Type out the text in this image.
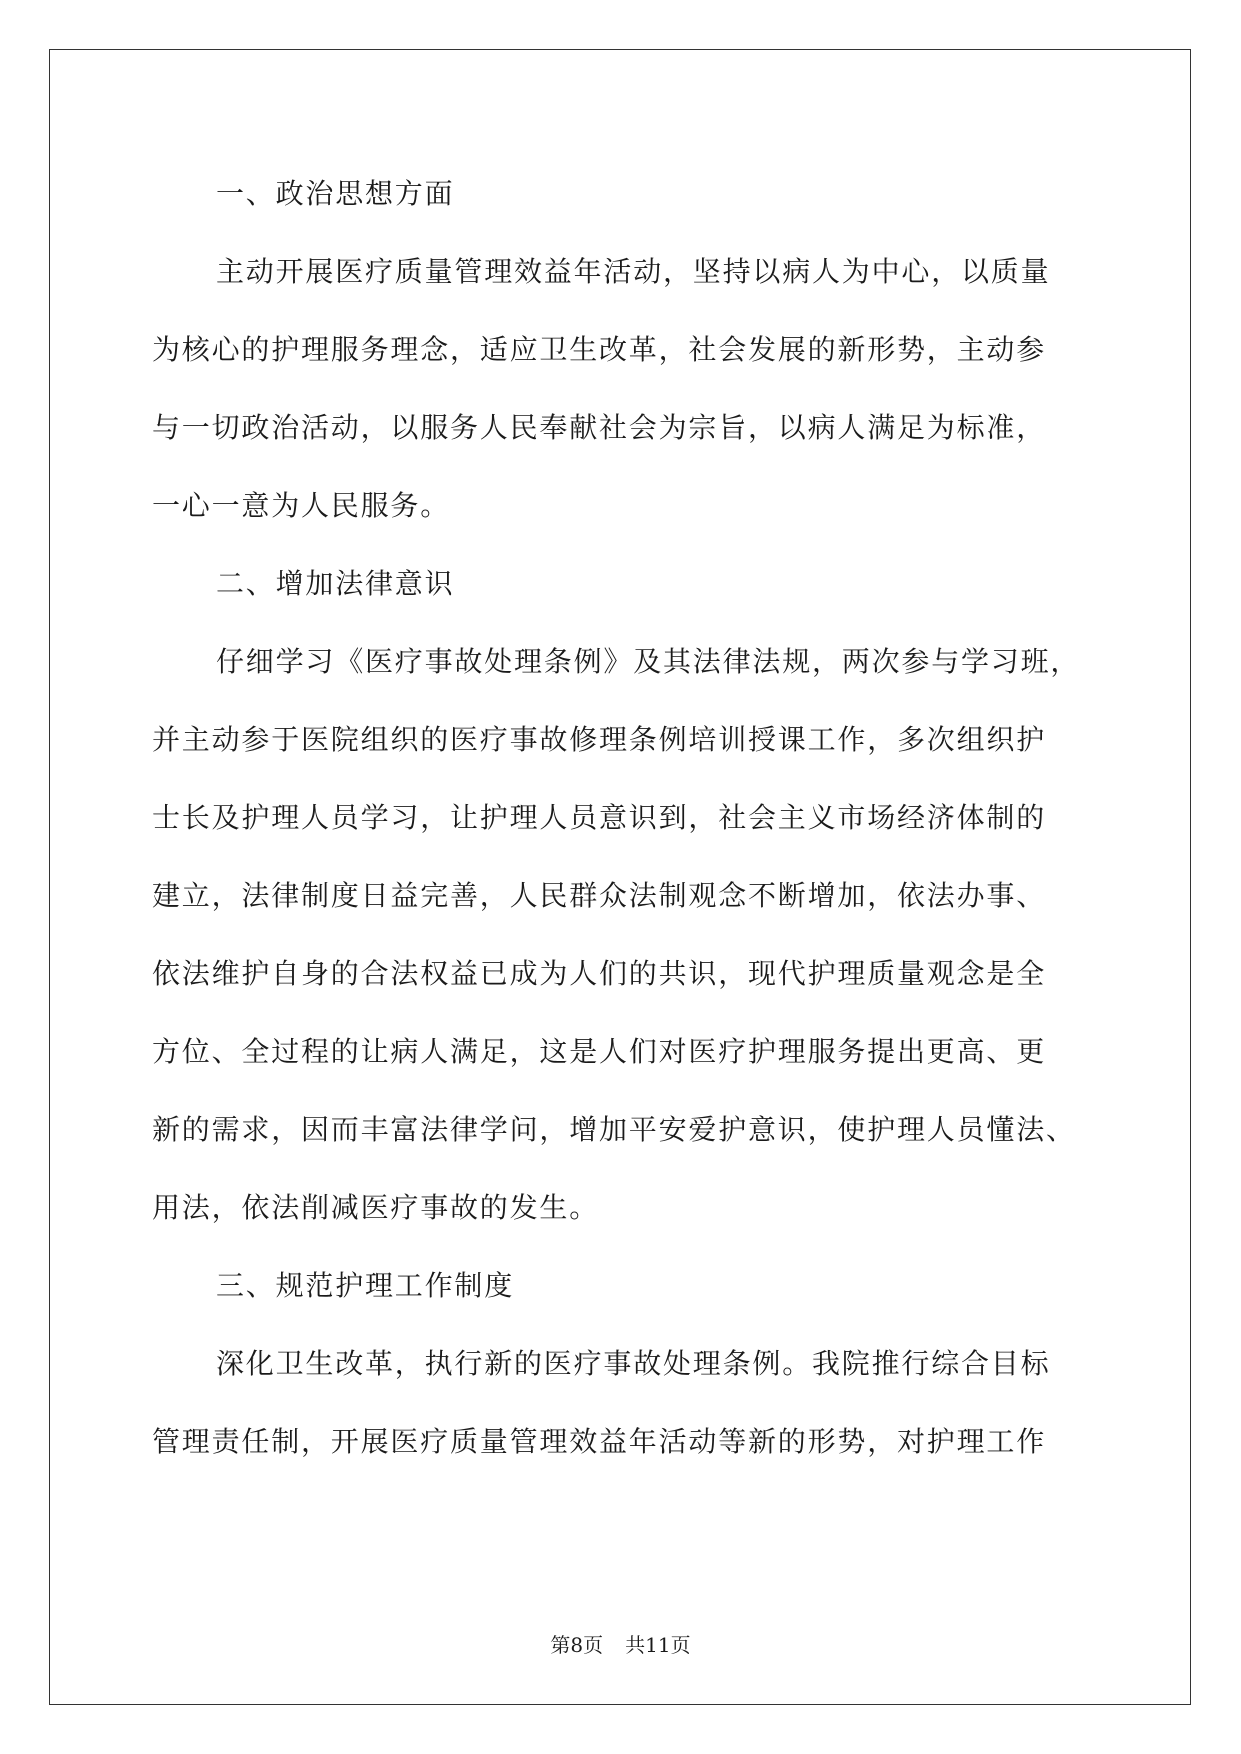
一、政治思想方面
主动开展医疗质量管理效益年活动，坚持以病人为中心，以质量
为核心的护理服务理念，适应卫生改革，社会发展的新形势，主动参
与一切政治活动，以服务人民奉献社会为宗旨，以病人满足为标准，
一心一意为人民服务。
二、增加法律意识
仔细学习《医疗事故处理条例》及其法律法规，两次参与学习班，
并主动参于医院组织的医疗事故修理条例培训授课工作，多次组织护
士长及护理人员学习，让护理人员意识到，社会主义市场经济体制的
建立，法律制度日益完善，人民群众法制观念不断增加，依法办事、
依法维护自身的合法权益已成为人们的共识，现代护理质量观念是全
方位、全过程的让病人满足，这是人们对医疗护理服务提出更高、更
新的需求，因而丰富法律学问，增加平安爱护意识，使护理人员懂法、
用法，依法削减医疗事故的发生。
三、规范护理工作制度
深化卫生改革，执行新的医疗事故处理条例。我院推行综合目标
管理责任制，开展医疗质量管理效益年活动等新的形势，对护理工作
第8页 共11页
